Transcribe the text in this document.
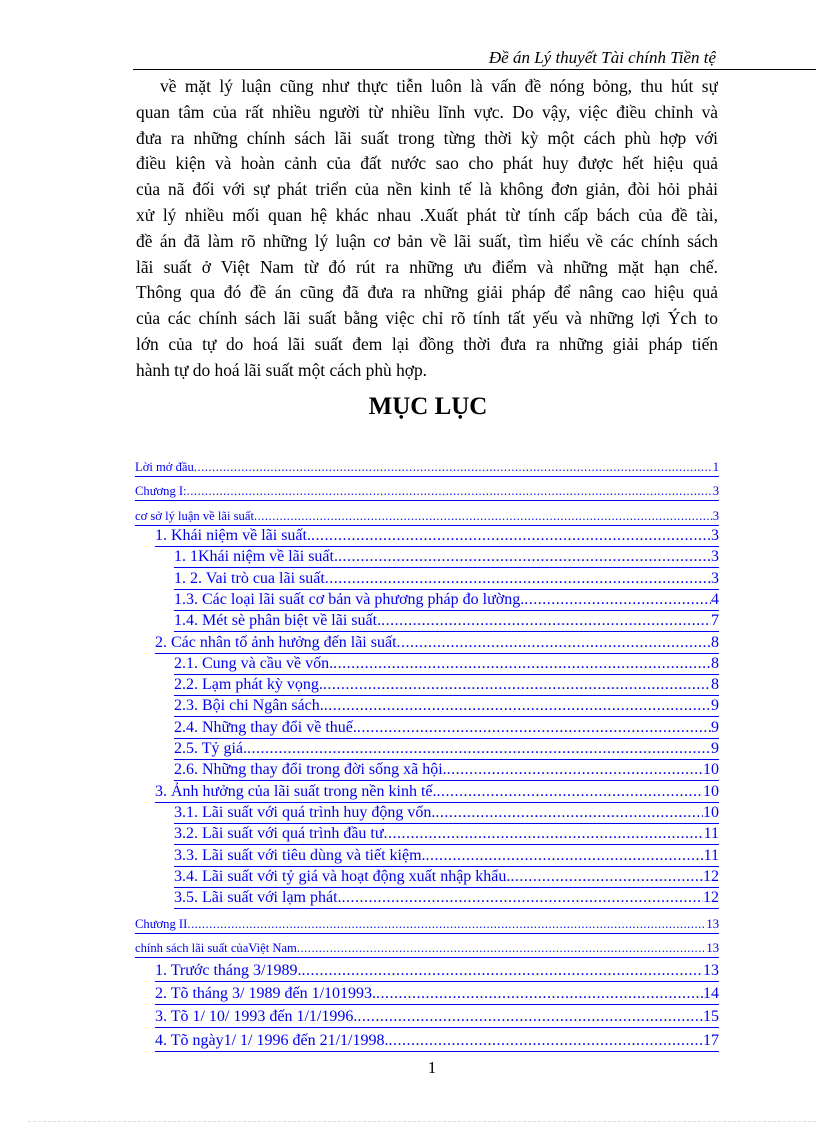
Đề án Lý thuyết Tài chính Tiền tệ
về mặt lý luận cũng như thực tiễn luôn là vấn đề nóng bỏng, thu hút sự
quan tâm của rất nhiều người từ nhiều lĩnh vực. Do vậy, việc điều chỉnh và
đưa ra những chính sách lãi suất trong từng thời kỳ một cách phù hợp với
điều kiện và hoàn cảnh của đất nước sao cho phát huy được hết hiệu quả
của nã đối với sự phát triển của nền kinh tế là không đơn giản, đòi hỏi phải
xử lý nhiều mối quan hệ khác nhau .Xuất phát từ tính cấp bách của đề tài,
đề án đã làm rõ những lý luận cơ bản về lãi suất, tìm hiểu về các chính sách
lãi suất ở Việt Nam từ đó rút ra những ưu điểm và những mặt hạn chế.
Thông qua đó đề án cũng đã đưa ra những giải pháp để nâng cao hiệu quả
của các chính sách lãi suất bằng việc chỉ rõ tính tất yếu và những lợi Ých to
lớn của tự do hoá lãi suất đem lại đồng thời đưa ra những giải pháp tiến
hành tự do hoá lãi suất một cách phù hợp.
MỤC LỤC
Lời mở đầu .....	1
Chương I: .....	3
cơ sở lý luận về lãi suất .....	3
1. Khái niệm về lãi suất. .....	3
1. 1Khái niệm về lãi suất. .....	3
1. 2. Vai trò cua lãi suất .....	3
1.3. Các loại lãi suất cơ bản và phương pháp đo lường. .....	4
1.4. Mét sè phân biệt về lãi suất. .....	7
2. Các nhân tố ảnh hưởng đến lãi suất .....	8
2.1. Cung và cầu về vốn. .....	8
2.2. Lạm phát kỳ vọng. .....	8
2.3. Bội chi Ngân sách. .....	9
2.4. Những thay đổi về thuế. .....	9
2.5. Tỷ giá. .....	9
2.6. Những thay đổi trong đời sống xã hội. .....	10
3. Ảnh hưởng của lãi suất trong nền kinh tế. .....	10
3.1. Lãi suất với quá trình huy động vốn. .....	10
3.2. Lãi suất với quá trình đầu tư .....	11
3.3. Lãi suất với tiêu dùng và tiết kiệm. .....	11
3.4. Lãi suất với tỷ giá và hoạt động xuất nhập khẩu. .....	12
3.5. Lãi suất với lạm phát. .....	12
Chương II .....	13
chính sách lãi suất củaViệt Nam .....	13
1. Trước tháng 3/1989. .....	13
2. Tõ tháng 3/ 1989 đến 1/101993. .....	14
3. Tõ 1/ 10/ 1993 đến 1/1/1996. .....	15
4. Tõ ngày1/ 1/ 1996 đến 21/1/1998. .....	17
1
